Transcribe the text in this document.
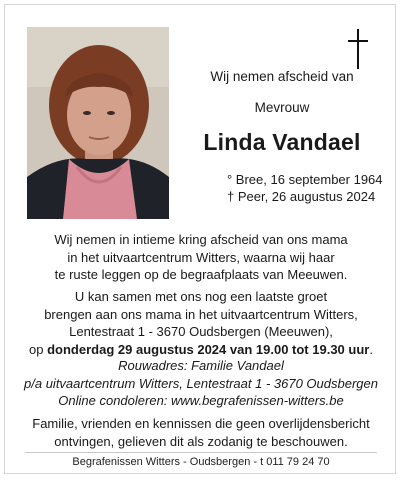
Wij nemen afscheid van
Mevrouw
Linda Vandael
° Bree, 16 september 1964
† Peer, 26 augustus 2024
Wij nemen in intieme kring afscheid van ons mama
in het uitvaartcentrum Witters, waarna wij haar
te ruste leggen op de begraafplaats van Meeuwen.
U kan samen met ons nog een laatste groet
brengen aan ons mama in het uitvaartcentrum Witters,
Lentestraat 1 - 3670 Oudsbergen (Meeuwen),
op donderdag 29 augustus 2024 van 19.00 tot 19.30 uur.
Rouwadres: Familie Vandael
p/a uitvaartcentrum Witters, Lentestraat 1 - 3670 Oudsbergen
Online condoleren: www.begrafenissen-witters.be
Familie, vrienden en kennissen die geen overlijdensbericht
ontvingen, gelieven dit als zodanig te beschouwen.
Begrafenissen Witters - Oudsbergen - t 011 79 24 70
